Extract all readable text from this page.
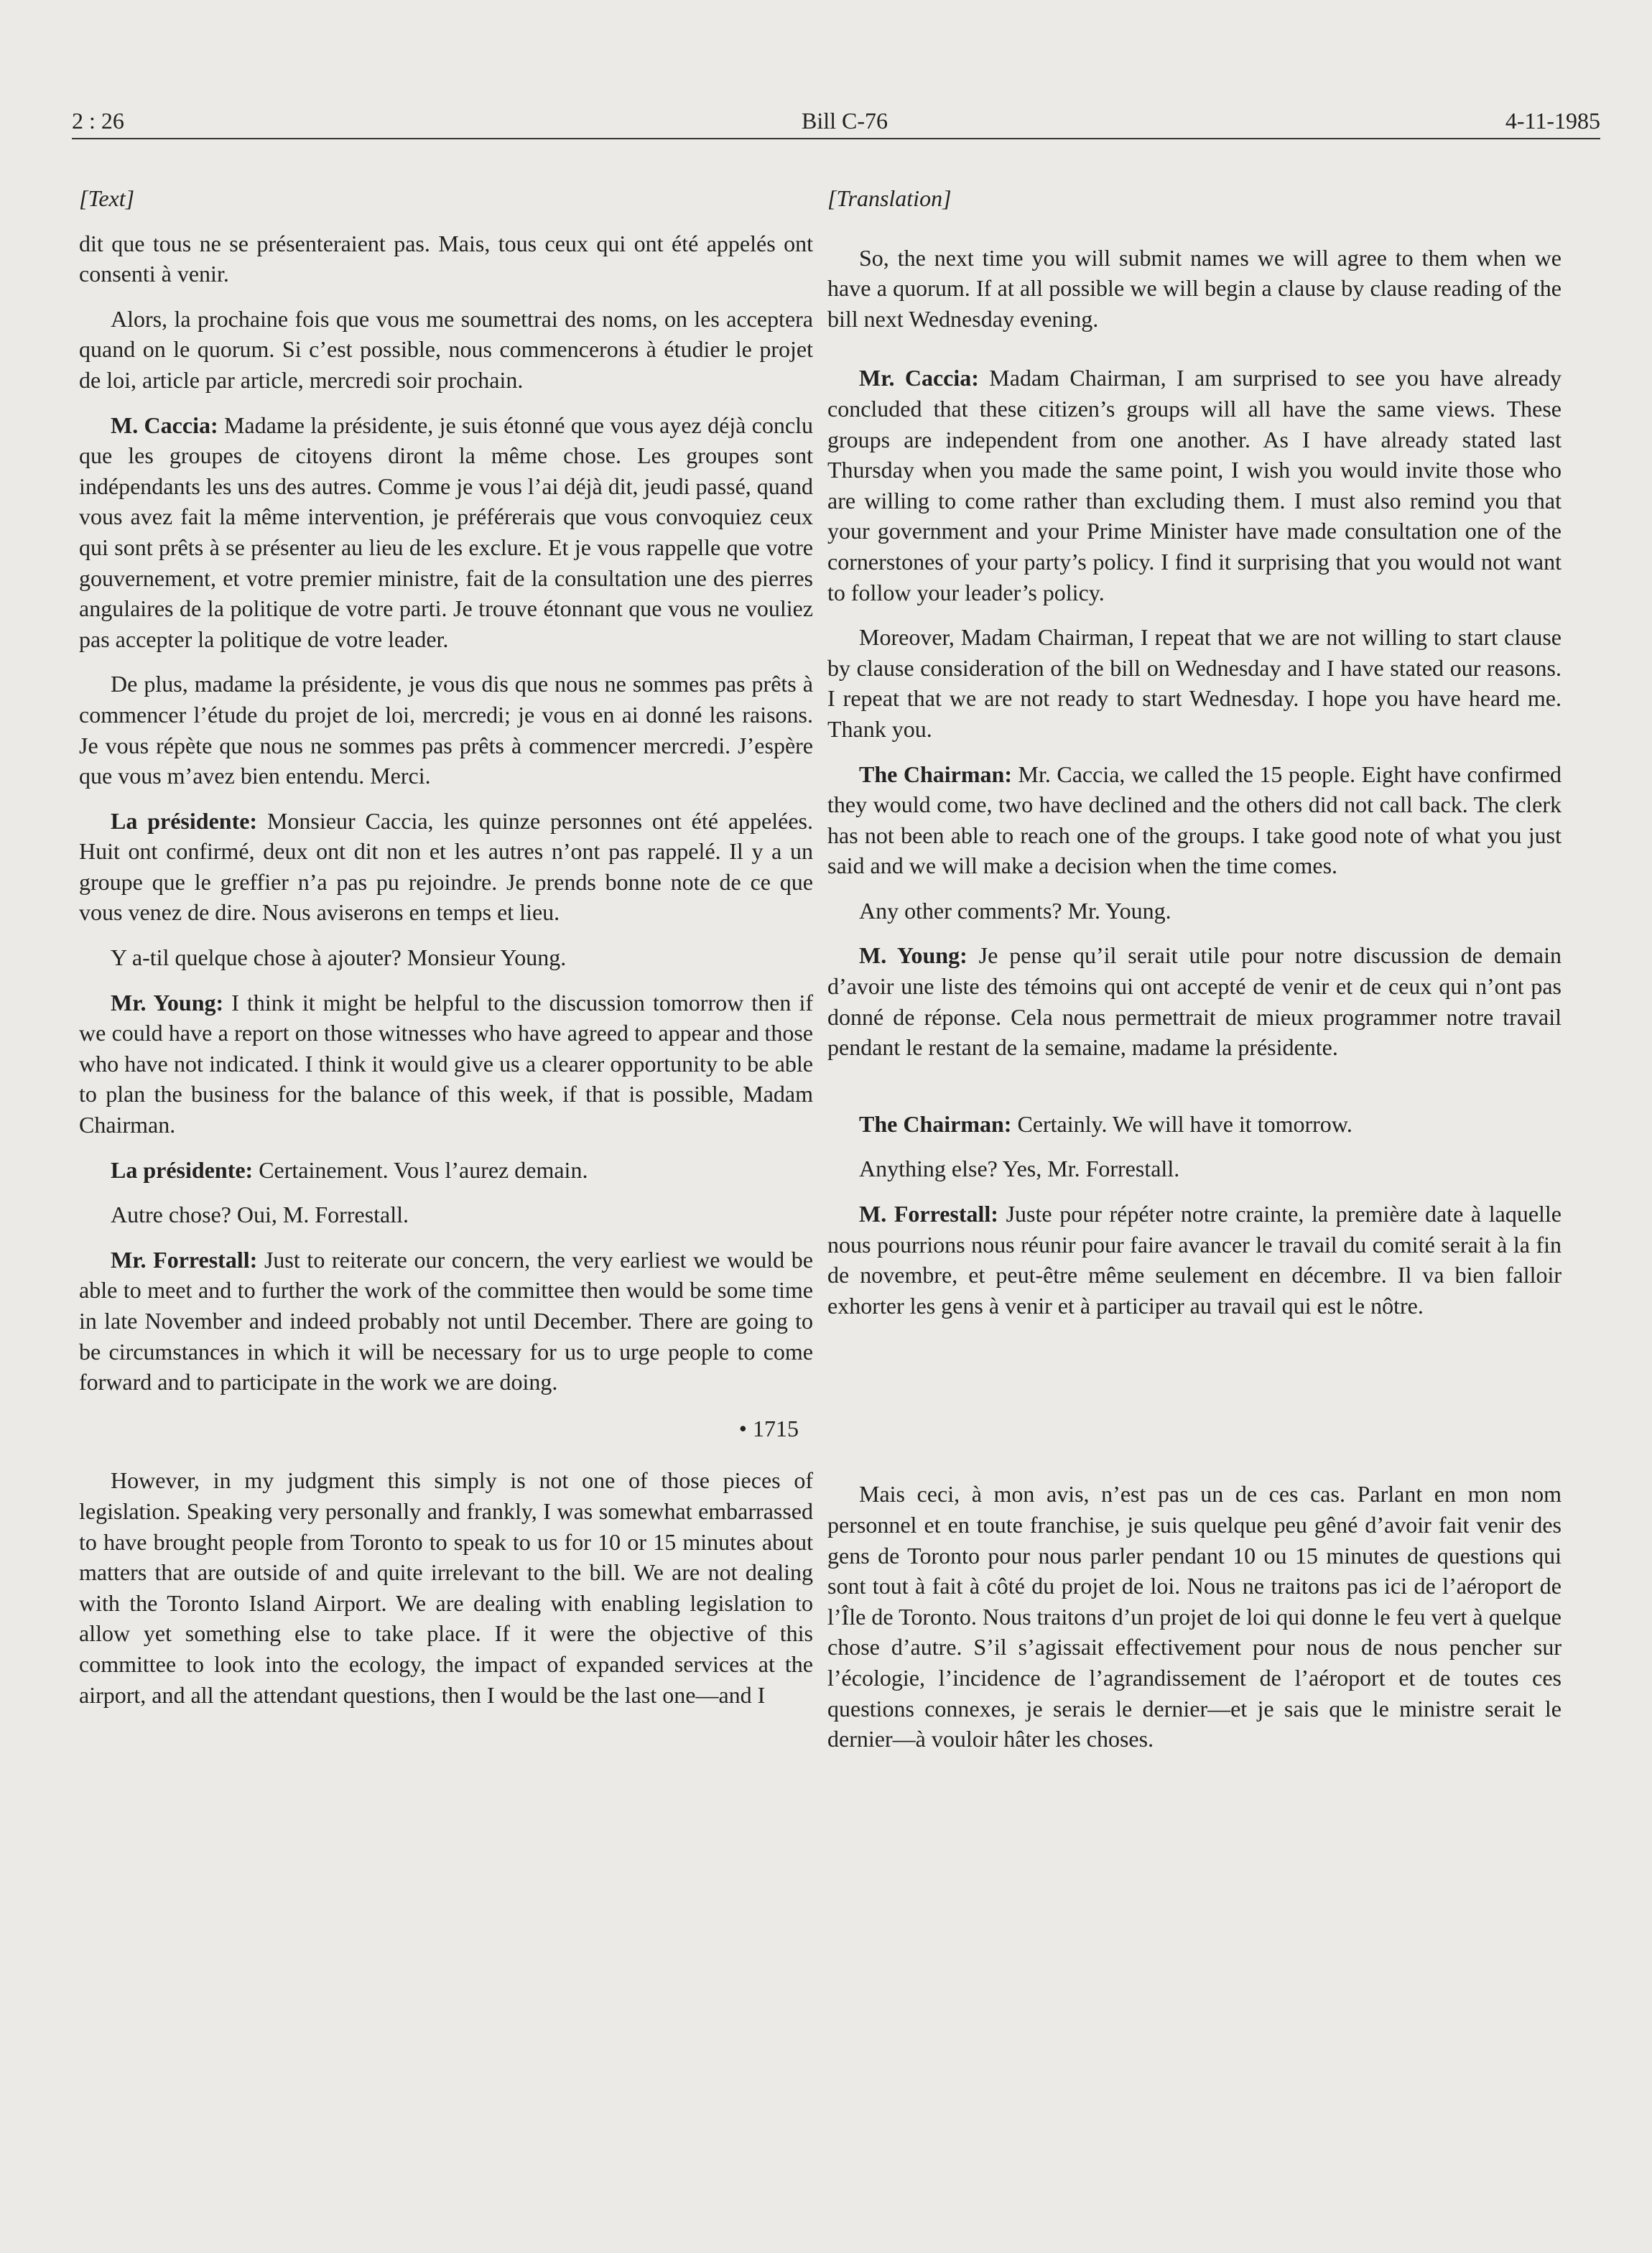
2 : 26	Bill C-76	4-11-1985

[Text]

dit que tous ne se présenteraient pas. Mais, tous ceux qui ont été appelés ont consenti à venir.

Alors, la prochaine fois que vous me soumettrai des noms, on les acceptera quand on le quorum. Si c’est possible, nous commencerons à étudier le projet de loi, article par article, mercredi soir prochain.

M. Caccia: Madame la présidente, je suis étonné que vous ayez déjà conclu que les groupes de citoyens diront la même chose. Les groupes sont indépendants les uns des autres. Comme je vous l’ai déjà dit, jeudi passé, quand vous avez fait la même intervention, je préférerais que vous convoquiez ceux qui sont prêts à se présenter au lieu de les exclure. Et je vous rappelle que votre gouvernement, et votre premier ministre, fait de la consultation une des pierres angulaires de la politique de votre parti. Je trouve étonnant que vous ne vouliez pas accepter la politique de votre leader.

De plus, madame la présidente, je vous dis que nous ne sommes pas prêts à commencer l’étude du projet de loi, mercredi; je vous en ai donné les raisons. Je vous répète que nous ne sommes pas prêts à commencer mercredi. J’espère que vous m’avez bien entendu. Merci.

La présidente: Monsieur Caccia, les quinze personnes ont été appelées. Huit ont confirmé, deux ont dit non et les autres n’ont pas rappelé. Il y a un groupe que le greffier n’a pas pu rejoindre. Je prends bonne note de ce que vous venez de dire. Nous aviserons en temps et lieu.

Y a-til quelque chose à ajouter? Monsieur Young.

Mr. Young: I think it might be helpful to the discussion tomorrow then if we could have a report on those witnesses who have agreed to appear and those who have not indicated. I think it would give us a clearer opportunity to be able to plan the business for the balance of this week, if that is possible, Madam Chairman.

La présidente: Certainement. Vous l’aurez demain.

Autre chose? Oui, M. Forrestall.

Mr. Forrestall: Just to reiterate our concern, the very earliest we would be able to meet and to further the work of the committee then would be some time in late November and indeed probably not until December. There are going to be circumstances in which it will be necessary for us to urge people to come forward and to participate in the work we are doing.

• 1715

However, in my judgment this simply is not one of those pieces of legislation. Speaking very personally and frankly, I was somewhat embarrassed to have brought people from Toronto to speak to us for 10 or 15 minutes about matters that are outside of and quite irrelevant to the bill. We are not dealing with the Toronto Island Airport. We are dealing with enabling legislation to allow yet something else to take place. If it were the objective of this committee to look into the ecology, the impact of expanded services at the airport, and all the attendant questions, then I would be the last one—and I

[Translation]

So, the next time you will submit names we will agree to them when we have a quorum. If at all possible we will begin a clause by clause reading of the bill next Wednesday evening.

Mr. Caccia: Madam Chairman, I am surprised to see you have already concluded that these citizen’s groups will all have the same views. These groups are independent from one another. As I have already stated last Thursday when you made the same point, I wish you would invite those who are willing to come rather than excluding them. I must also remind you that your government and your Prime Minister have made consultation one of the cornerstones of your party’s policy. I find it surprising that you would not want to follow your leader’s policy.

Moreover, Madam Chairman, I repeat that we are not willing to start clause by clause consideration of the bill on Wednesday and I have stated our reasons. I repeat that we are not ready to start Wednesday. I hope you have heard me. Thank you.

The Chairman: Mr. Caccia, we called the 15 people. Eight have confirmed they would come, two have declined and the others did not call back. The clerk has not been able to reach one of the groups. I take good note of what you just said and we will make a decision when the time comes.

Any other comments? Mr. Young.

M. Young: Je pense qu’il serait utile pour notre discussion de demain d’avoir une liste des témoins qui ont accepté de venir et de ceux qui n’ont pas donné de réponse. Cela nous permettrait de mieux programmer notre travail pendant le restant de la semaine, madame la présidente.

The Chairman: Certainly. We will have it tomorrow.

Anything else? Yes, Mr. Forrestall.

M. Forrestall: Juste pour répéter notre crainte, la première date à laquelle nous pourrions nous réunir pour faire avancer le travail du comité serait à la fin de novembre, et peut-être même seulement en décembre. Il va bien falloir exhorter les gens à venir et à participer au travail qui est le nôtre.

Mais ceci, à mon avis, n’est pas un de ces cas. Parlant en mon nom personnel et en toute franchise, je suis quelque peu gêné d’avoir fait venir des gens de Toronto pour nous parler pendant 10 ou 15 minutes de questions qui sont tout à fait à côté du projet de loi. Nous ne traitons pas ici de l’aéroport de l’Île de Toronto. Nous traitons d’un projet de loi qui donne le feu vert à quelque chose d’autre. S’il s’agissait effectivement pour nous de nous pencher sur l’écologie, l’incidence de l’agrandissement de l’aéroport et de toutes ces questions connexes, je serais le dernier—et je sais que le ministre serait le dernier—à vouloir hâter les choses.
